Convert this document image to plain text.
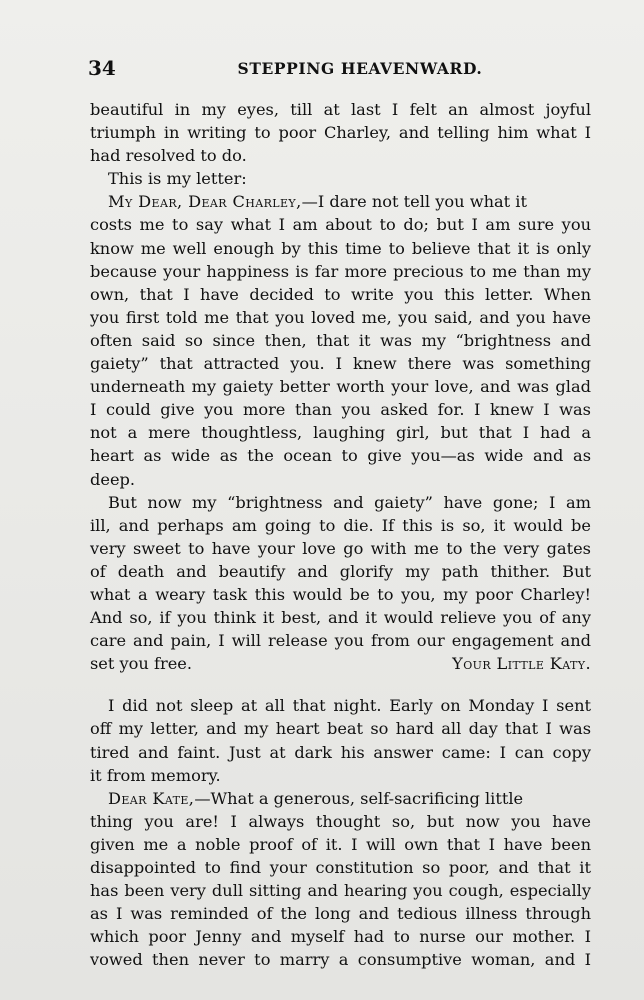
34	STEPPING HEAVENWARD.
beautiful in my eyes, till at last I felt an almost joyful
triumph in writing to poor Charley, and telling him what I
had resolved to do.
This is my letter:
My Dear, Dear Charley,—I dare not tell you what it
costs me to say what I am about to do; but I am sure you
know me well enough by this time to believe that it is only
because your happiness is far more precious to me than my
own, that I have decided to write you this letter. When
you first told me that you loved me, you said, and you have
often said so since then, that it was my “brightness and
gaiety” that attracted you. I knew there was something
underneath my gaiety better worth your love, and was glad
I could give you more than you asked for. I knew I was
not a mere thoughtless, laughing girl, but that I had a
heart as wide as the ocean to give you—as wide and as
deep.
But now my “brightness and gaiety” have gone; I am
ill, and perhaps am going to die. If this is so, it would be
very sweet to have your love go with me to the very gates
of death and beautify and glorify my path thither. But
what a weary task this would be to you, my poor Charley!
And so, if you think it best, and it would relieve you of any
care and pain, I will release you from our engagement and
set you free.	Your Little Katy.
I did not sleep at all that night. Early on Monday I sent
off my letter, and my heart beat so hard all day that I was
tired and faint. Just at dark his answer came: I can copy
it from memory.
Dear Kate,—What a generous, self-sacrificing little
thing you are! I always thought so, but now you have
given me a noble proof of it. I will own that I have been
disappointed to find your constitution so poor, and that it
has been very dull sitting and hearing you cough, especially
as I was reminded of the long and tedious illness through
which poor Jenny and myself had to nurse our mother. I
vowed then never to marry a consumptive woman, and I
